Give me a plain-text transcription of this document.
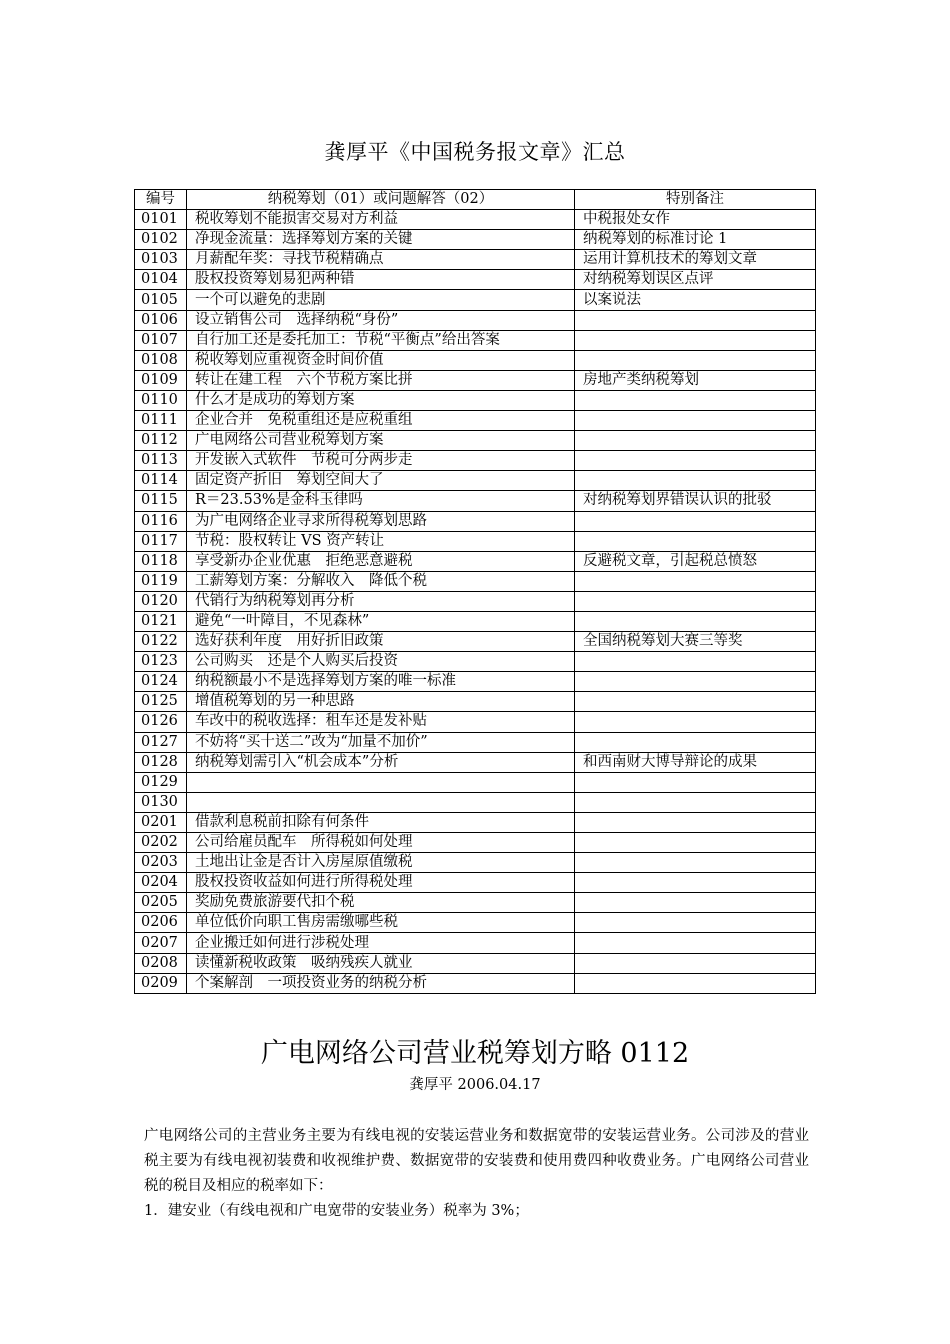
龚厚平《中国税务报文章》汇总
编号	纳税筹划（01）或问题解答（02）	特别备注
0101	税收筹划不能损害交易对方利益	中税报处女作
0102	净现金流量：选择筹划方案的关键	纳税筹划的标准讨论 1
0103	月薪配年奖：寻找节税精确点	运用计算机技术的筹划文章
0104	股权投资筹划易犯两种错	对纳税筹划误区点评
0105	一个可以避免的悲剧	以案说法
0106	设立销售公司　选择纳税“身份”	
0107	自行加工还是委托加工：节税“平衡点”给出答案	
0108	税收筹划应重视资金时间价值	
0109	转让在建工程　六个节税方案比拼	房地产类纳税筹划
0110	什么才是成功的筹划方案	
0111	企业合并　免税重组还是应税重组	
0112	广电网络公司营业税筹划方案	
0113	开发嵌入式软件　节税可分两步走	
0114	固定资产折旧　筹划空间大了	
0115	R＝23.53%是金科玉律吗	对纳税筹划界错误认识的批驳
0116	为广电网络企业寻求所得税筹划思路	
0117	节税：股权转让 VS 资产转让	
0118	享受新办企业优惠　拒绝恶意避税	反避税文章，引起税总愤怒
0119	工薪筹划方案：分解收入　降低个税	
0120	代销行为纳税筹划再分析	
0121	避免“一叶障目，不见森林”	
0122	选好获利年度　用好折旧政策	全国纳税筹划大赛三等奖
0123	公司购买　还是个人购买后投资	
0124	纳税额最小不是选择筹划方案的唯一标准	
0125	增值税筹划的另一种思路	
0126	车改中的税收选择：租车还是发补贴	
0127	不妨将“买十送二”改为“加量不加价”	
0128	纳税筹划需引入“机会成本”分析	和西南财大博导辩论的成果
0129		
0130		
0201	借款利息税前扣除有何条件	
0202	公司给雇员配车　所得税如何处理	
0203	土地出让金是否计入房屋原值缴税	
0204	股权投资收益如何进行所得税处理	
0205	奖励免费旅游要代扣个税	
0206	单位低价向职工售房需缴哪些税	
0207	企业搬迁如何进行涉税处理	
0208	读懂新税收政策　吸纳残疾人就业	
0209	个案解剖　一项投资业务的纳税分析	
广电网络公司营业税筹划方略 0112
龚厚平 2006.04.17

广电网络公司的主营业务主要为有线电视的安装运营业务和数据宽带的安装运营业务。公司涉及的营业税主要为有线电视初装费和收视维护费、数据宽带的安装费和使用费四种收费业务。广电网络公司营业税的税目及相应的税率如下：

1．建安业（有线电视和广电宽带的安装业务）税率为 3%；
